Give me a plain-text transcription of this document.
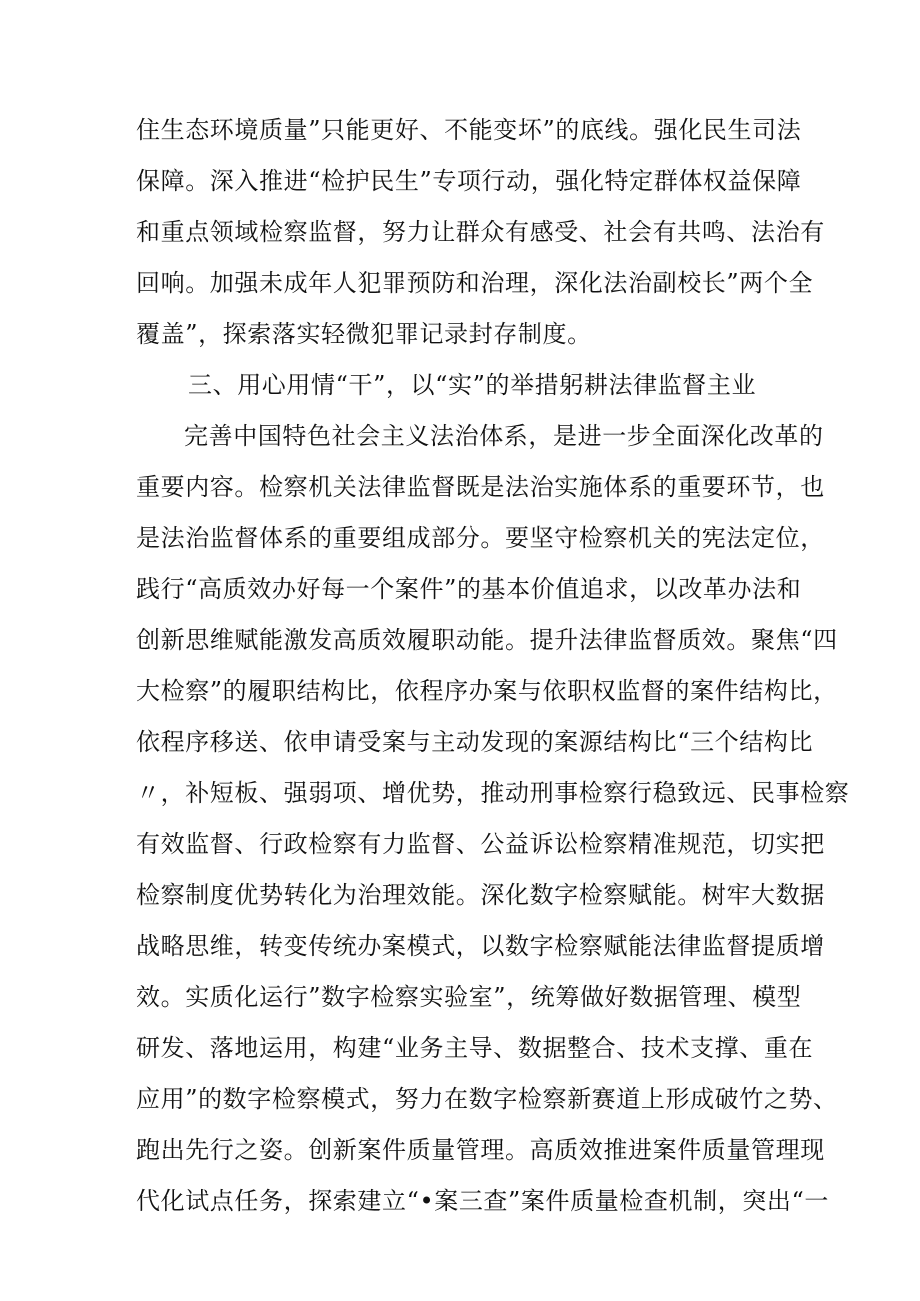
住生态环境质量”只能更好、不能变坏”的底线。强化民生司法
保障。深入推进“检护民生”专项行动，强化特定群体权益保障
和重点领域检察监督，努力让群众有感受、社会有共鸣、法治有
回响。加强未成年人犯罪预防和治理，深化法治副校长”两个全
覆盖”，探索落实轻微犯罪记录封存制度。
三、用心用情“干”，以“实”的举措躬耕法律监督主业
完善中国特色社会主义法治体系，是进一步全面深化改革的
重要内容。检察机关法律监督既是法治实施体系的重要环节，也
是法治监督体系的重要组成部分。要坚守检察机关的宪法定位，
践行“高质效办好每一个案件”的基本价值追求，以改革办法和
创新思维赋能激发高质效履职动能。提升法律监督质效。聚焦“四
大检察”的履职结构比，依程序办案与依职权监督的案件结构比，
依程序移送、依申请受案与主动发现的案源结构比“三个结构比
〃，补短板、强弱项、增优势，推动刑事检察行稳致远、民事检察
有效监督、行政检察有力监督、公益诉讼检察精准规范，切实把
检察制度优势转化为治理效能。深化数字检察赋能。树牢大数据
战略思维，转变传统办案模式，以数字检察赋能法律监督提质增
效。实质化运行”数字检察实验室”，统筹做好数据管理、模型
研发、落地运用，构建“业务主导、数据整合、技术支撑、重在
应用”的数字检察模式，努力在数字检察新赛道上形成破竹之势、
跑出先行之姿。创新案件质量管理。高质效推进案件质量管理现
代化试点任务，探索建立“•案三查”案件质量检查机制，突出“一
